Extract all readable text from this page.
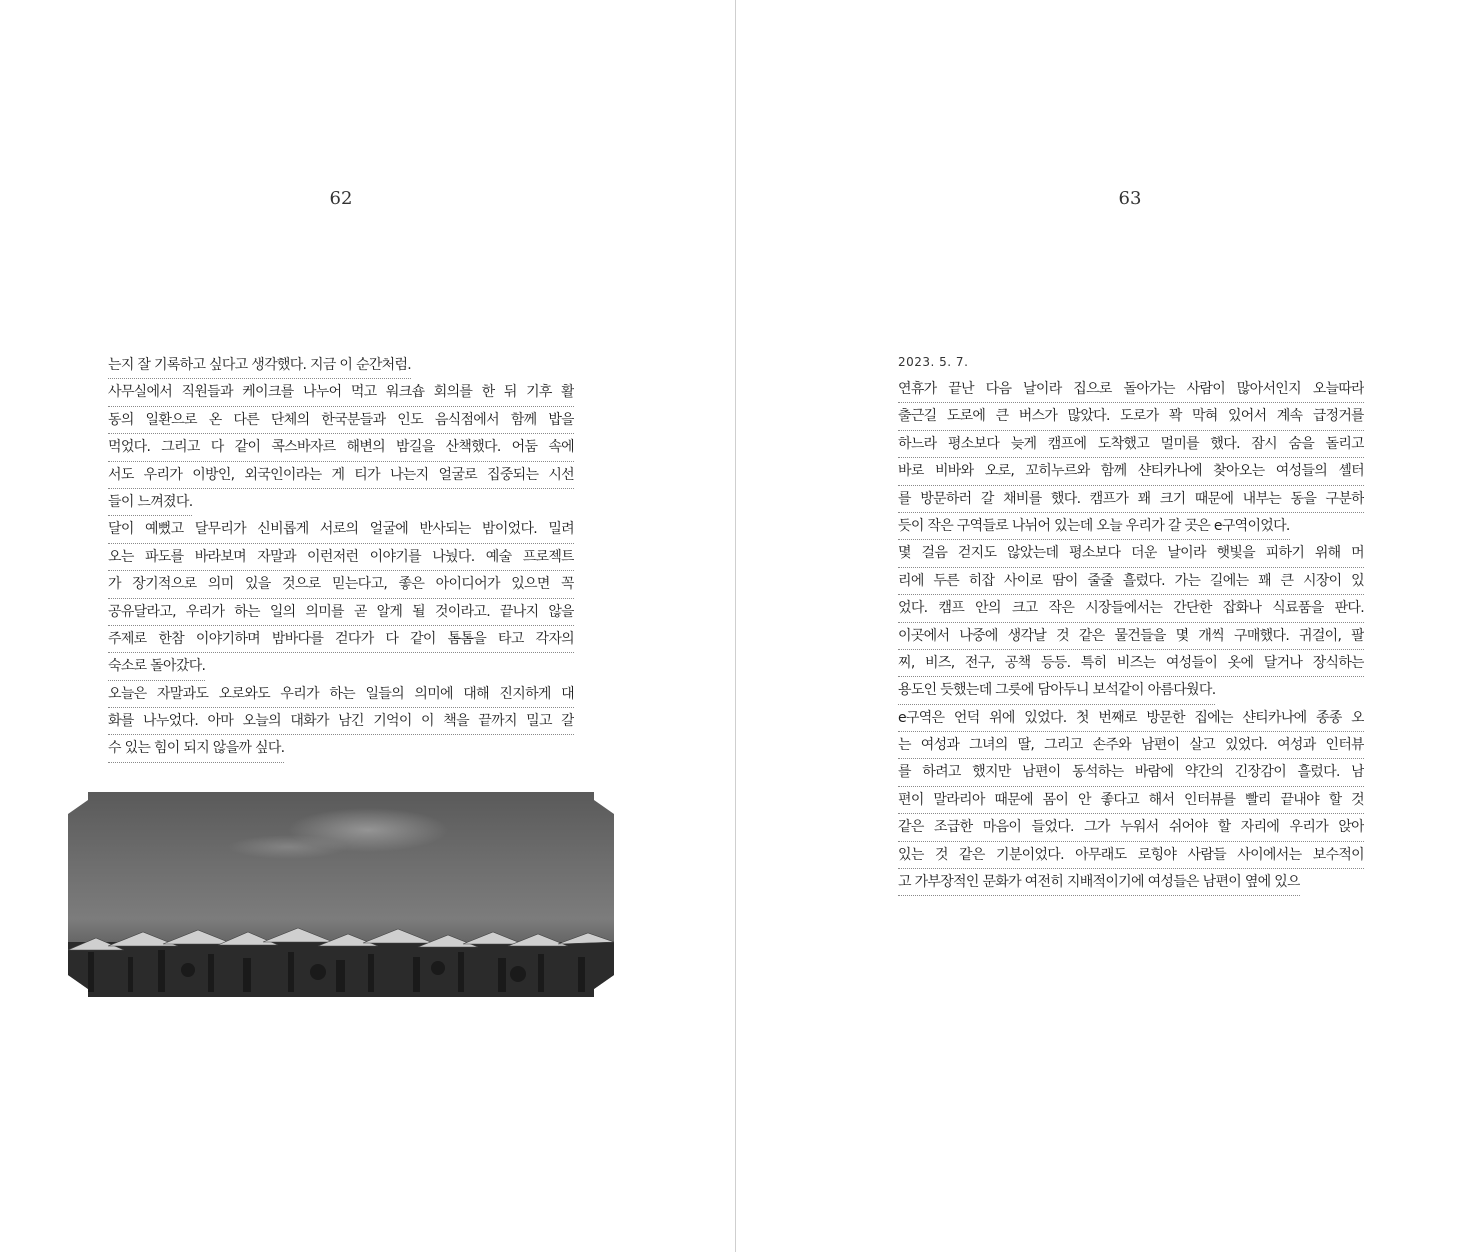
62
는지 잘 기록하고 싶다고 생각했다. 지금 이 순간처럼.
사무실에서 직원들과 케이크를 나누어 먹고 워크숍 회의를 한 뒤 기후 활
동의 일환으로 온 다른 단체의 한국분들과 인도 음식점에서 함께 밥을
먹었다. 그리고 다 같이 콕스바자르 해변의 밤길을 산책했다. 어둠 속에
서도 우리가 이방인, 외국인이라는 게 티가 나는지 얼굴로 집중되는 시선
들이 느껴졌다.
달이 예뻤고 달무리가 신비롭게 서로의 얼굴에 반사되는 밤이었다. 밀려
오는 파도를 바라보며 자말과 이런저런 이야기를 나눴다. 예술 프로젝트
가 장기적으로 의미 있을 것으로 믿는다고, 좋은 아이디어가 있으면 꼭
공유달라고, 우리가 하는 일의 의미를 곧 알게 될 것이라고. 끝나지 않을
주제로 한참 이야기하며 밤바다를 걷다가 다 같이 톰톰을 타고 각자의
숙소로 돌아갔다.
오늘은 자말과도 오로와도 우리가 하는 일들의 의미에 대해 진지하게 대
화를 나누었다. 아마 오늘의 대화가 남긴 기억이 이 책을 끝까지 밀고 갈
수 있는 힘이 되지 않을까 싶다.
63
2023. 5. 7.
연휴가 끝난 다음 날이라 집으로 돌아가는 사람이 많아서인지 오늘따라
출근길 도로에 큰 버스가 많았다. 도로가 꽉 막혀 있어서 계속 급정거를
하느라 평소보다 늦게 캠프에 도착했고 멀미를 했다. 잠시 숨을 돌리고
바로 비바와 오로, 꼬히누르와 함께 샨티카나에 찾아오는 여성들의 셸터
를 방문하러 갈 채비를 했다. 캠프가 꽤 크기 때문에 내부는 동을 구분하
듯이 작은 구역들로 나뉘어 있는데 오늘 우리가 갈 곳은 e구역이었다.
몇 걸음 걷지도 않았는데 평소보다 더운 날이라 햇빛을 피하기 위해 머
리에 두른 히잡 사이로 땀이 줄줄 흘렀다. 가는 길에는 꽤 큰 시장이 있
었다. 캠프 안의 크고 작은 시장들에서는 간단한 잡화나 식료품을 판다.
이곳에서 나중에 생각날 것 같은 물건들을 몇 개씩 구매했다. 귀걸이, 팔
찌, 비즈, 전구, 공책 등등. 특히 비즈는 여성들이 옷에 달거나 장식하는
용도인 듯했는데 그릇에 담아두니 보석같이 아름다웠다.
e구역은 언덕 위에 있었다. 첫 번째로 방문한 집에는 샨티카나에 종종 오
는 여성과 그녀의 딸, 그리고 손주와 남편이 살고 있었다. 여성과 인터뷰
를 하려고 했지만 남편이 동석하는 바람에 약간의 긴장감이 흘렀다. 남
편이 말라리아 때문에 몸이 안 좋다고 해서 인터뷰를 빨리 끝내야 할 것
같은 조급한 마음이 들었다. 그가 누워서 쉬어야 할 자리에 우리가 앉아
있는 것 같은 기분이었다. 아무래도 로힝야 사람들 사이에서는 보수적이
고 가부장적인 문화가 여전히 지배적이기에 여성들은 남편이 옆에 있으
